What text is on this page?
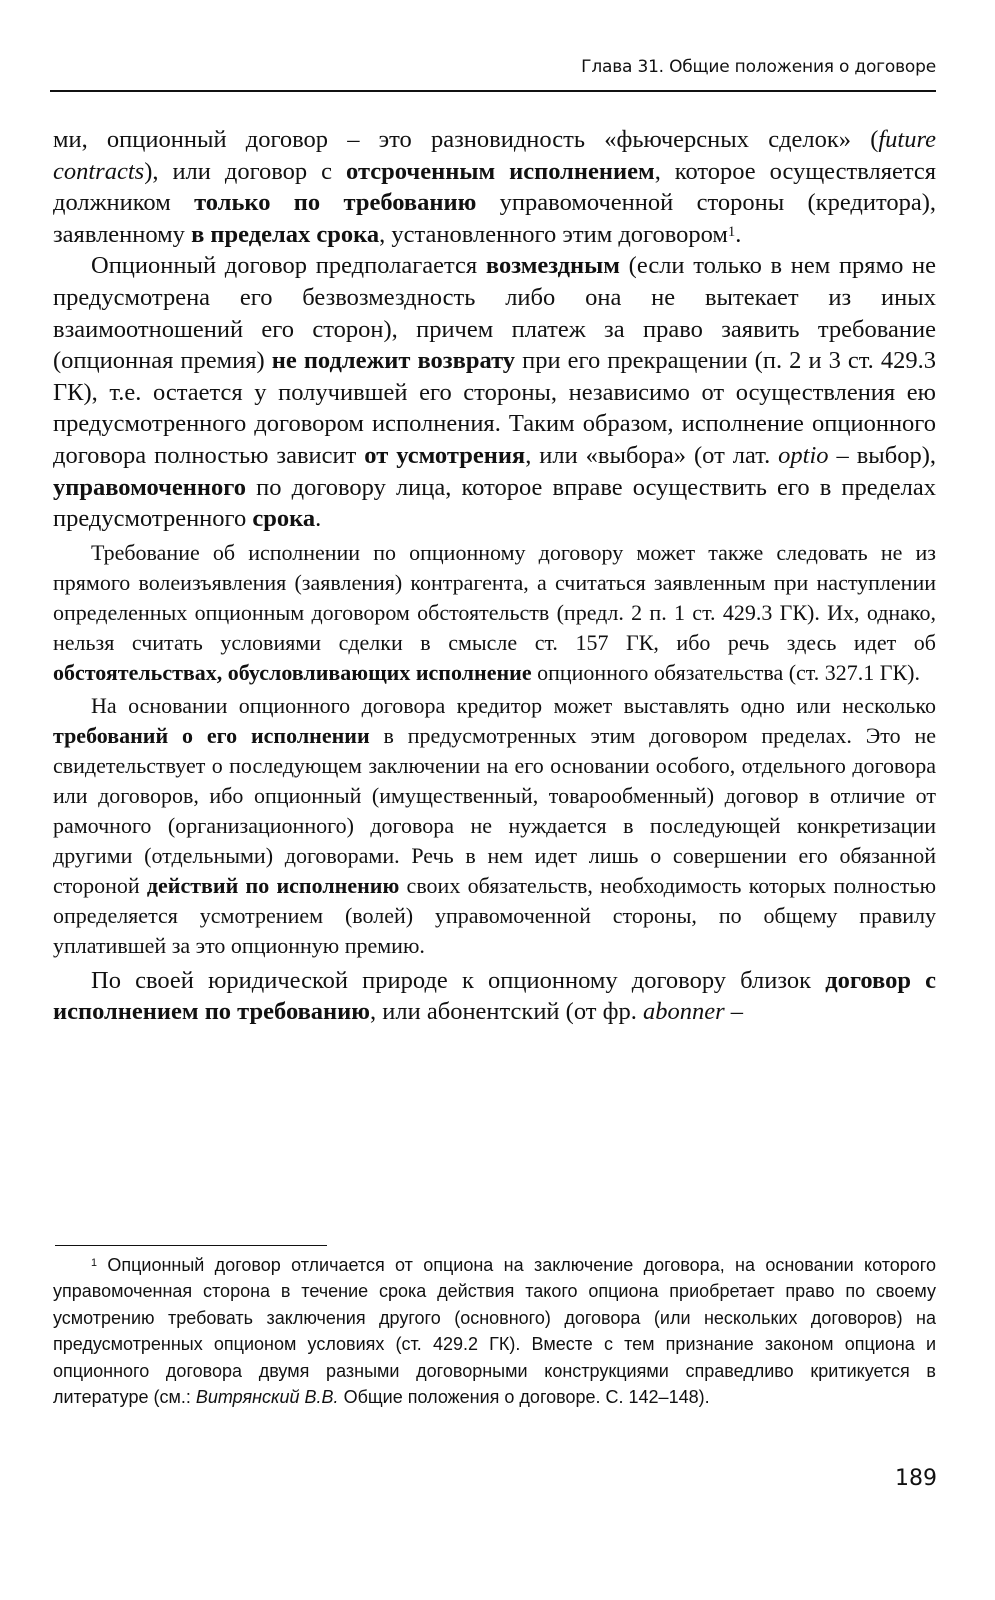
Глава 31. Общие положения о договоре

ми, опционный договор – это разновидность «фьючерсных сделок» (future contracts), или договор с отсроченным исполнением, которое осуществляется должником только по требованию управомоченной стороны (кредитора), заявленному в пределах срока, установленного этим договором$^1$.

Опционный договор предполагается возмездным (если только в нем прямо не предусмотрена его безвозмездность либо она не вытекает из иных взаимоотношений его сторон), причем платеж за право заявить требование (опционная премия) не подлежит возврату при его прекращении (п. 2 и 3 ст. 429.3 ГК), т.е. остается у получившей его стороны, независимо от осуществления ею предусмотренного договором исполнения. Таким образом, исполнение опционного договора полностью зависит от усмотрения, или «выбора» (от лат. optio – выбор), управомоченного по договору лица, которое вправе осуществить его в пределах предусмотренного срока.

Требование об исполнении по опционному договору может также следовать не из прямого волеизъявления (заявления) контрагента, а считаться заявленным при наступлении определенных опционным договором обстоятельств (предл. 2 п. 1 ст. 429.3 ГК). Их, однако, нельзя считать условиями сделки в смысле ст. 157 ГК, ибо речь здесь идет об обстоятельствах, обусловливающих исполнение опционного обязательства (ст. 327.1 ГК).

На основании опционного договора кредитор может выставлять одно или несколько требований о его исполнении в предусмотренных этим договором пределах. Это не свидетельствует о последующем заключении на его основании особого, отдельного договора или договоров, ибо опционный (имущественный, товарообменный) договор в отличие от рамочного (организационного) договора не нуждается в последующей конкретизации другими (отдельными) договорами. Речь в нем идет лишь о совершении его обязанной стороной действий по исполнению своих обязательств, необходимость которых полностью определяется усмотрением (волей) управомоченной стороны, по общему правилу уплатившей за это опционную премию.

По своей юридической природе к опционному договору близок договор с исполнением по требованию, или абонентский (от фр. abonner –

$^1$ Опционный договор отличается от опциона на заключение договора, на основании которого управомоченная сторона в течение срока действия такого опциона приобретает право по своему усмотрению требовать заключения другого (основного) договора (или нескольких договоров) на предусмотренных опционом условиях (ст. 429.2 ГК). Вместе с тем признание законом опциона и опционного договора двумя разными договорными конструкциями справедливо критикуется в литературе (см.: Витрянский В.В. Общие положения о договоре. С. 142–148).
189
